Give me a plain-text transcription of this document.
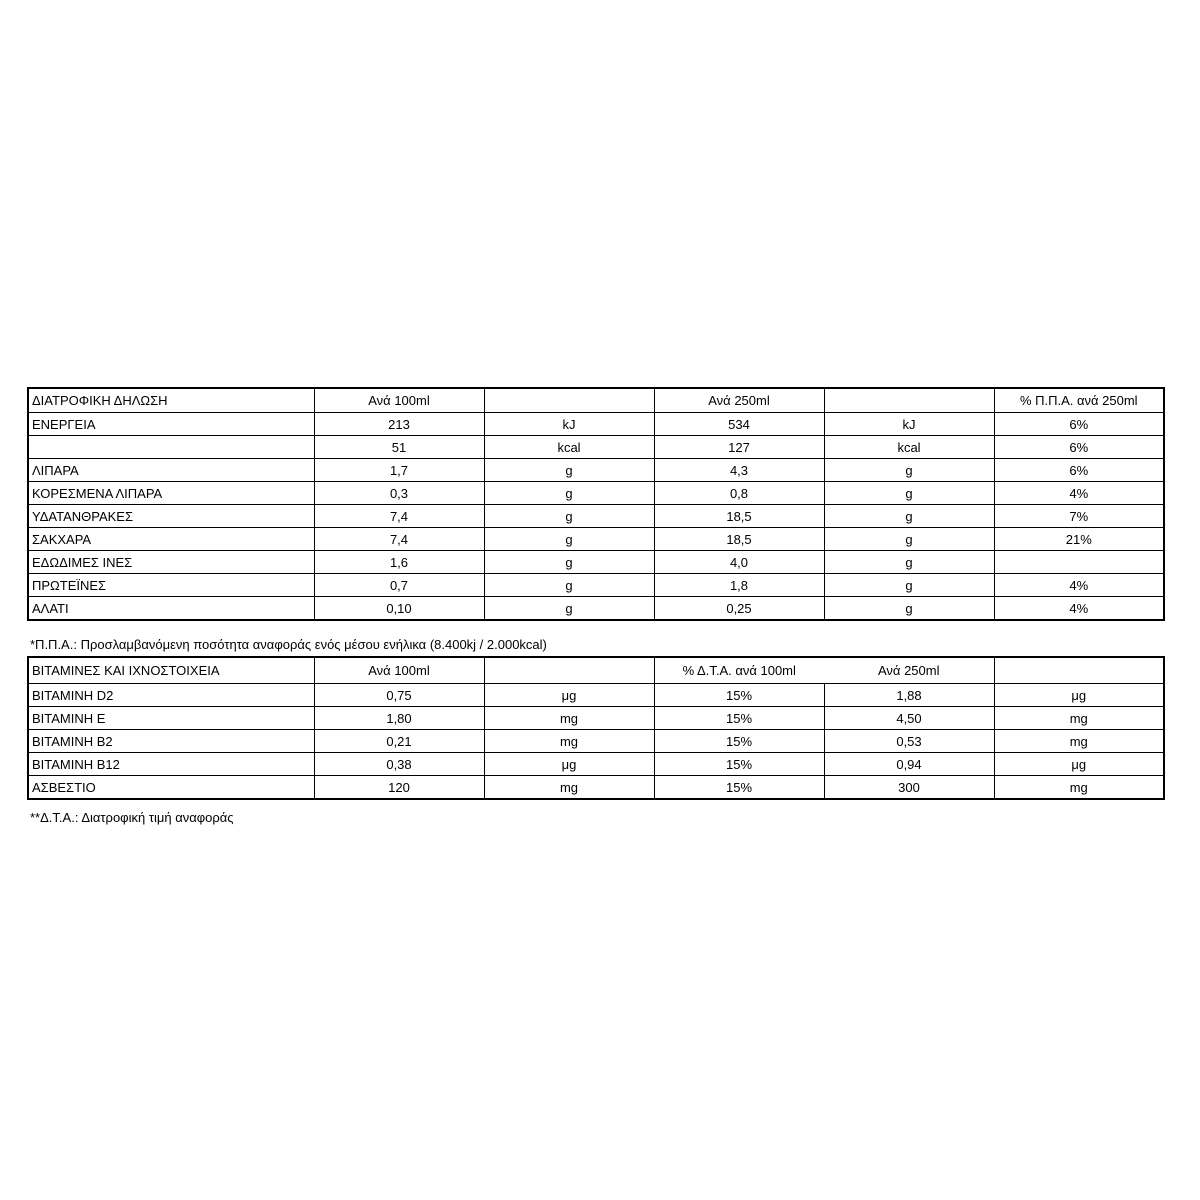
ΔΙΑΤΡΟΦΙΚΗ ΔΗΛΩΣΗ	Ανά 100ml		Ανά 250ml		% Π.Π.Α. ανά 250ml
ΕΝΕΡΓΕΙΑ	213	kJ	534	kJ	6%
	51	kcal	127	kcal	6%
ΛΙΠΑΡΑ	1,7	g	4,3	g	6%
ΚΟΡΕΣΜΕΝΑ ΛΙΠΑΡΑ	0,3	g	0,8	g	4%
ΥΔΑΤΑΝΘΡΑΚΕΣ	7,4	g	18,5	g	7%
ΣΑΚΧΑΡΑ	7,4	g	18,5	g	21%
ΕΔΩΔΙΜΕΣ ΙΝΕΣ	1,6	g	4,0	g	
ΠΡΩΤΕΪΝΕΣ	0,7	g	1,8	g	4%
ΑΛΑΤΙ	0,10	g	0,25	g	4%
*Π.Π.Α.: Προσλαμβανόμενη ποσότητα αναφοράς ενός μέσου ενήλικα (8.400kj / 2.000kcal)
ΒΙΤΑΜΙΝΕΣ ΚΑΙ ΙΧΝΟΣΤΟΙΧΕΙΑ	Ανά 100ml		% Δ.Τ.Α. ανά 100ml	Ανά 250ml	
ΒΙΤΑΜΙΝΗ D2	0,75	μg	15%	1,88	μg
ΒΙΤΑΜΙΝΗ Ε	1,80	mg	15%	4,50	mg
ΒΙΤΑΜΙΝΗ Β2	0,21	mg	15%	0,53	mg
ΒΙΤΑΜΙΝΗ Β12	0,38	μg	15%	0,94	μg
ΑΣΒΕΣΤΙΟ	120	mg	15%	300	mg
**Δ.Τ.Α.: Διατροφική τιμή αναφοράς
